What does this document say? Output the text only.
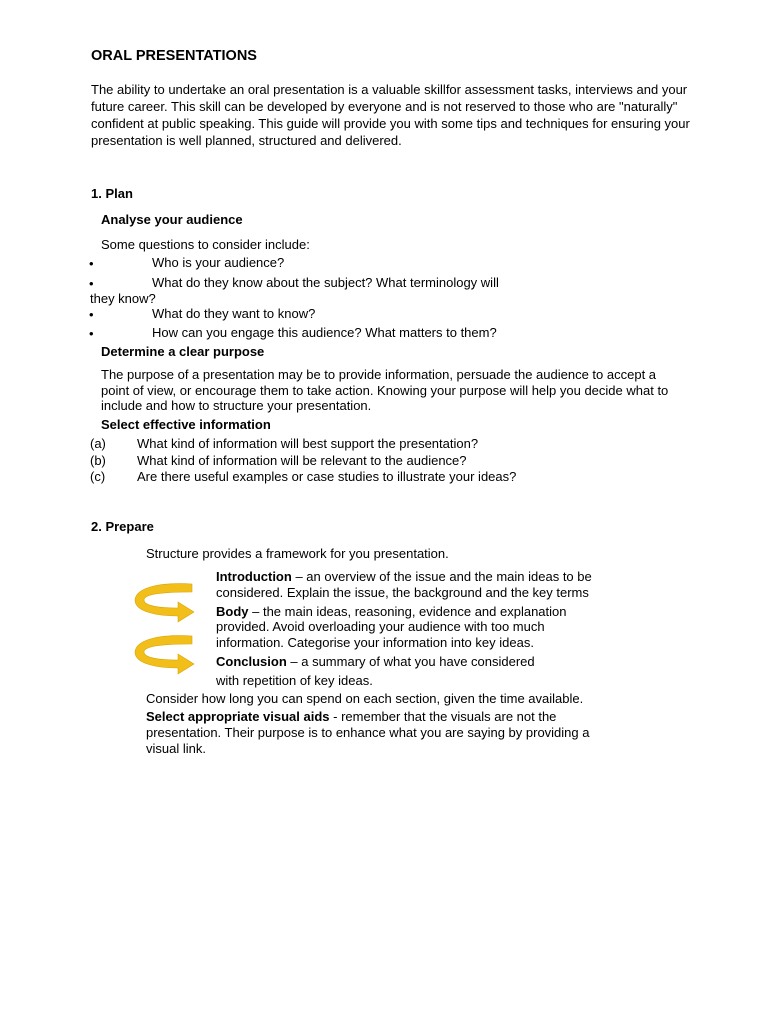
ORAL PRESENTATIONS

The ability to undertake an oral presentation is a valuable skillfor assessment tasks, interviews and your future career. This skill can be developed by everyone and is not reserved to those who are "naturally" confident at public speaking. This guide will provide you with some tips and techniques for ensuring your presentation is well planned, structured and delivered.

1. Plan
Analyse your audience
Some questions to consider include:
•	Who is your audience?
•	What do they know about the subject? What terminology will
they know?
•	What do they want to know?
•	How can you engage this audience? What matters to them?
Determine a clear purpose

The purpose of a presentation may be to provide information, persuade the audience to accept a point of view, or encourage them to take action. Knowing your purpose will help you decide what to include and how to structure your presentation.

Select effective information
(a) What kind of information will best support the presentation?
(b) What kind of information will be relevant to the audience?
(c) Are there useful examples or case studies to illustrate your ideas?
2. Prepare
Structure provides a framework for you presentation.
Introduction – an overview of the issue and the main ideas to be
considered. Explain the issue, the background and the key terms
Body – the main ideas, reasoning, evidence and explanation
provided. Avoid overloading your audience with too much
information. Categorise your information into key ideas.
Conclusion – a summary of what you have considered
with repetition of key ideas.
Consider how long you can spend on each section, given the time available.
Select appropriate visual aids - remember that the visuals are not the
presentation. Their purpose is to enhance what you are saying by providing a
visual link.
